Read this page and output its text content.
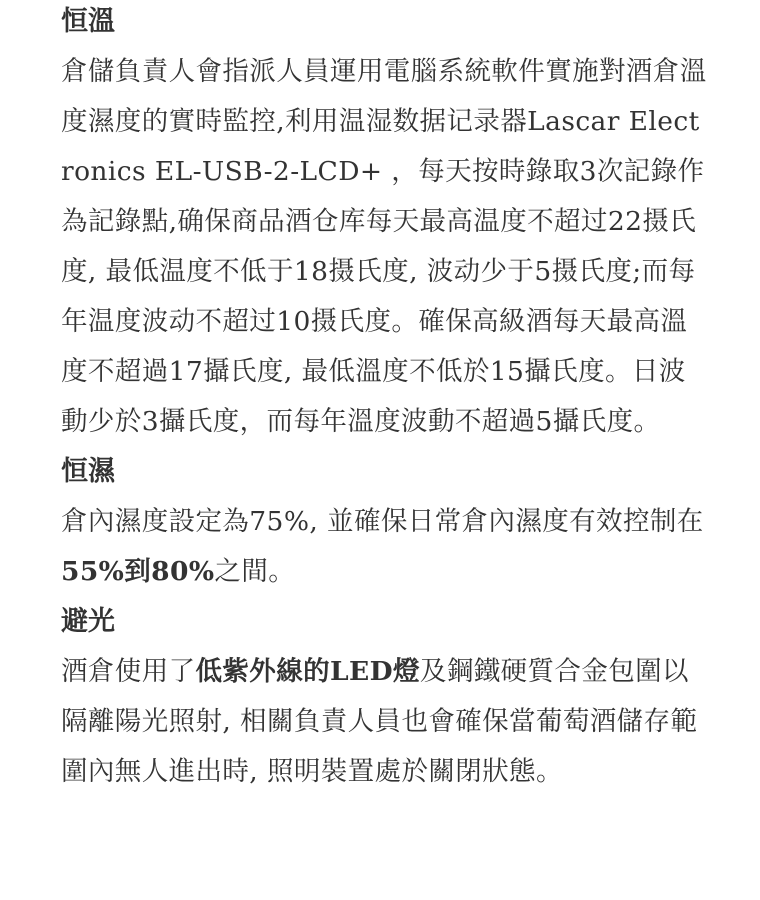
恒溫

倉儲負責人會指派人員運用電腦系統軟件實施對酒倉溫度濕度的實時監控,利用温湿数据记录器Lascar Electronics EL-USB-2-LCD+ ，每天按時錄取3次記錄作為記錄點,确保商品酒仓库每天最高温度不超过22摄氏度, 最低温度不低于18摄氏度, 波动少于5摄氏度;而每年温度波动不超过10摄氏度。確保高級酒每天最高溫度不超過17攝氏度, 最低溫度不低於15攝氏度。日波動少於3攝氏度，而每年溫度波動不超過5攝氏度。

恒濕

倉內濕度設定為75%, 並確保日常倉內濕度有效控制在55%到80%之間。

避光

酒倉使用了低紫外線的LED燈及鋼鐵硬質合金包圍以隔離陽光照射, 相關負責人員也會確保當葡萄酒儲存範圍內無人進出時, 照明裝置處於關閉狀態。
